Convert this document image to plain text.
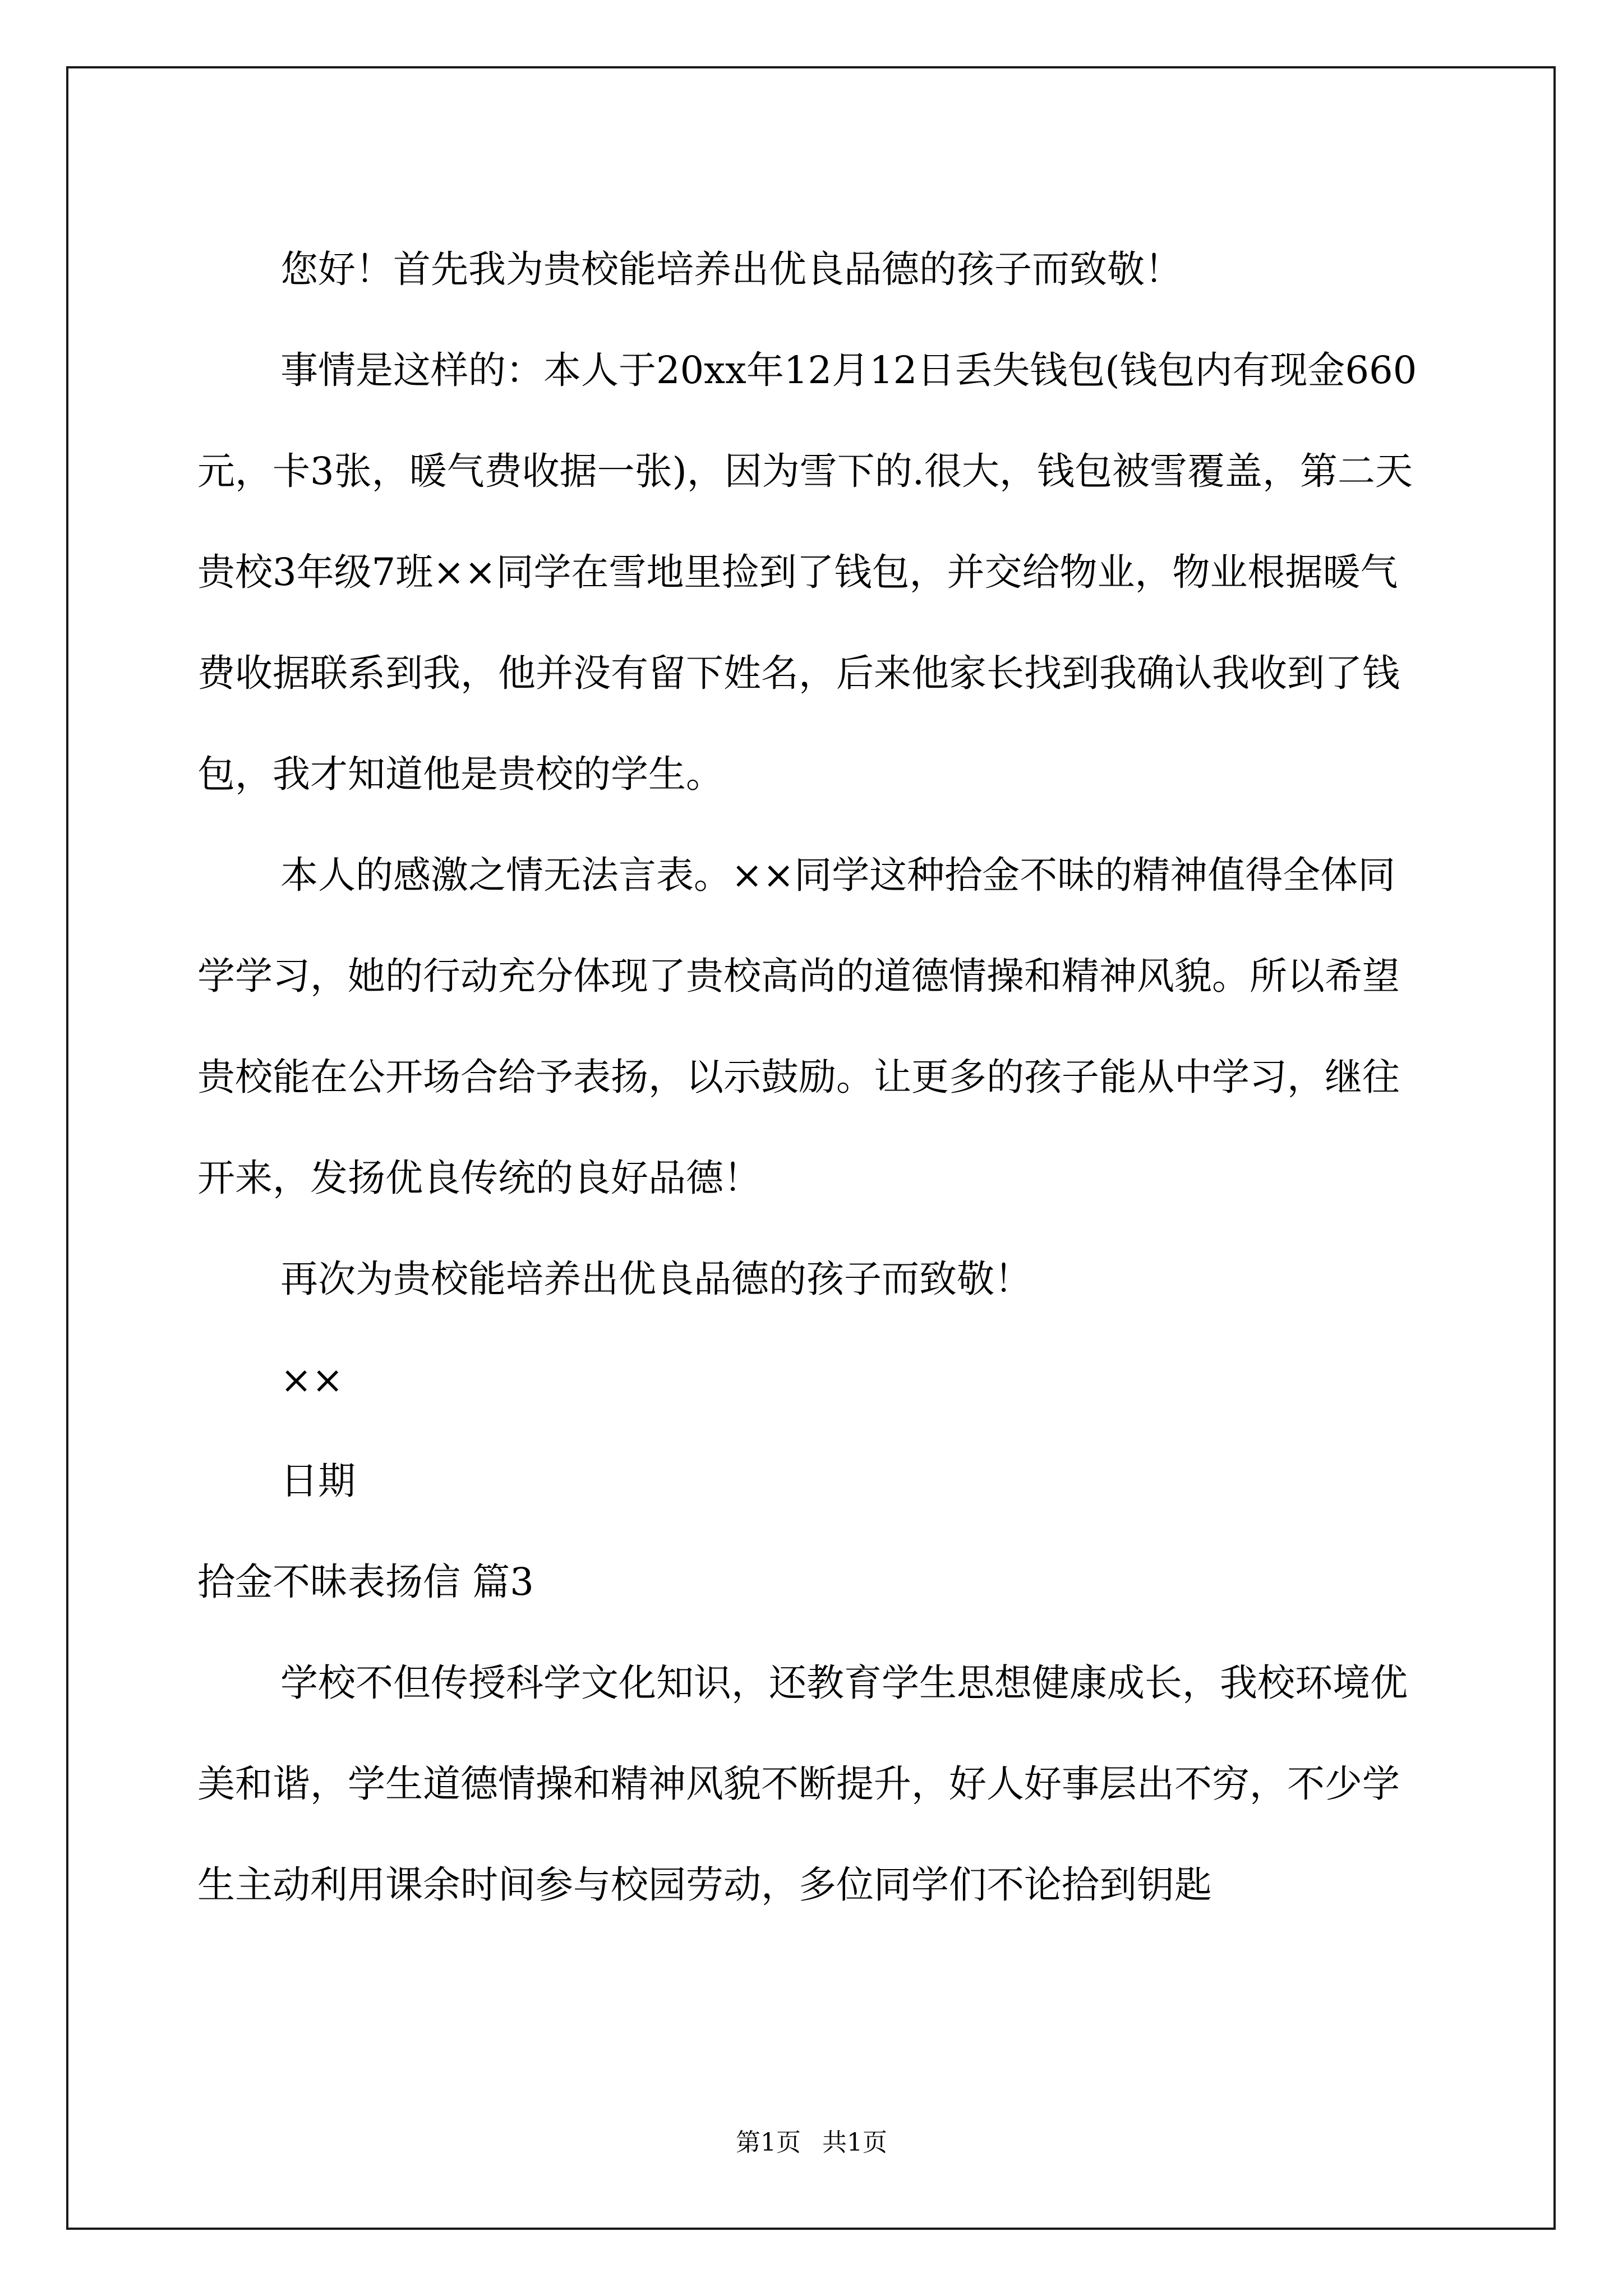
您好！首先我为贵校能培养出优良品德的孩子而致敬！

事情是这样的：本人于20xx年12月12日丢失钱包(钱包内有现金660元，卡3张，暖气费收据一张)，因为雪下的.很大，钱包被雪覆盖，第二天贵校3年级7班××同学在雪地里捡到了钱包，并交给物业，物业根据暖气费收据联系到我，他并没有留下姓名，后来他家长找到我确认我收到了钱包，我才知道他是贵校的学生。

本人的感激之情无法言表。××同学这种拾金不昧的精神值得全体同学学习，她的行动充分体现了贵校高尚的道德情操和精神风貌。所以希望贵校能在公开场合给予表扬，以示鼓励。让更多的孩子能从中学习，继往开来，发扬优良传统的良好品德！

再次为贵校能培养出优良品德的孩子而致敬！

××

日期

拾金不昧表扬信 篇3

学校不但传授科学文化知识，还教育学生思想健康成长，我校环境优美和谐，学生道德情操和精神风貌不断提升，好人好事层出不穷，不少学生主动利用课余时间参与校园劳动，多位同学们不论拾到钥匙

第1页 共1页
